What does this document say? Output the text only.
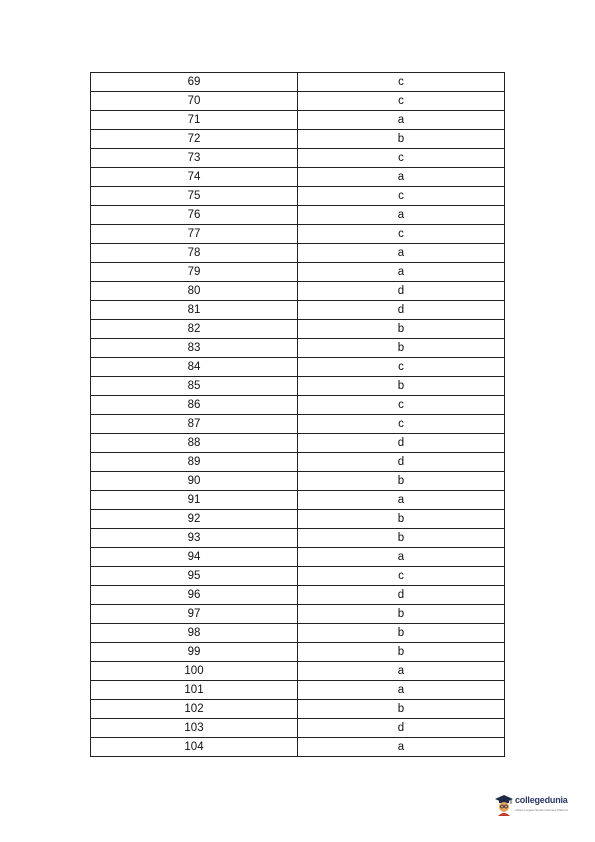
69	c
70	c
71	a
72	b
73	c
74	a
75	c
76	a
77	c
78	a
79	a
80	d
81	d
82	b
83	b
84	c
85	b
86	c
87	c
88	d
89	d
90	b
91	a
92	b
93	b
94	a
95	c
96	d
97	b
98	b
99	b
100	a
101	a
102	b
103	d
104	a
collegedunia
India's Largest Student Review Platform
